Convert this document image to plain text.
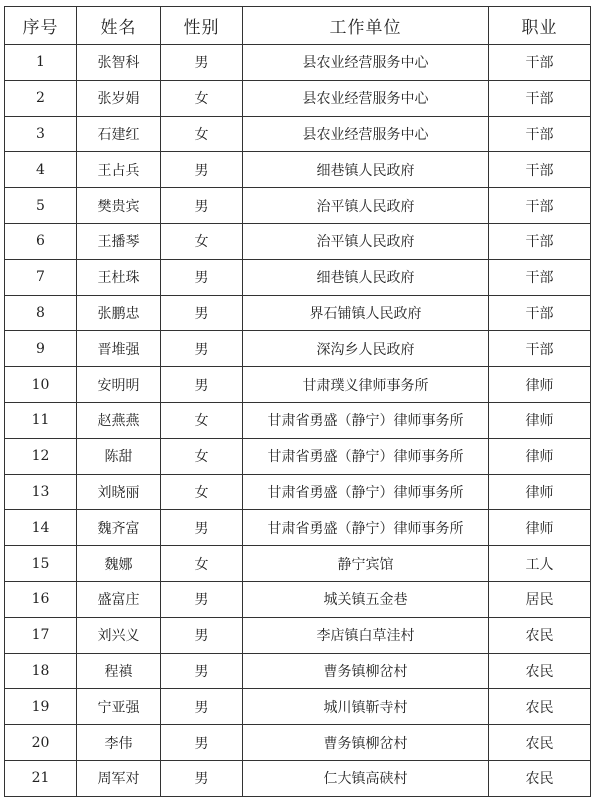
序号	姓名	性别	工作单位	职业
1	张智科	男	县农业经营服务中心	干部
2	张岁娟	女	县农业经营服务中心	干部
3	石建红	女	县农业经营服务中心	干部
4	王占兵	男	细巷镇人民政府	干部
5	樊贵宾	男	治平镇人民政府	干部
6	王播琴	女	治平镇人民政府	干部
7	王杜珠	男	细巷镇人民政府	干部
8	张鹏忠	男	界石铺镇人民政府	干部
9	晋堆强	男	深沟乡人民政府	干部
10	安明明	男	甘肃璞义律师事务所	律师
11	赵燕燕	女	甘肃省勇盛（静宁）律师事务所	律师
12	陈甜	女	甘肃省勇盛（静宁）律师事务所	律师
13	刘晓丽	女	甘肃省勇盛（静宁）律师事务所	律师
14	魏齐富	男	甘肃省勇盛（静宁）律师事务所	律师
15	魏娜	女	静宁宾馆	工人
16	盛富庄	男	城关镇五金巷	居民
17	刘兴义	男	李店镇白草洼村	农民
18	程禛	男	曹务镇柳岔村	农民
19	宁亚强	男	城川镇靳寺村	农民
20	李伟	男	曹务镇柳岔村	农民
21	周军对	男	仁大镇高硖村	农民
